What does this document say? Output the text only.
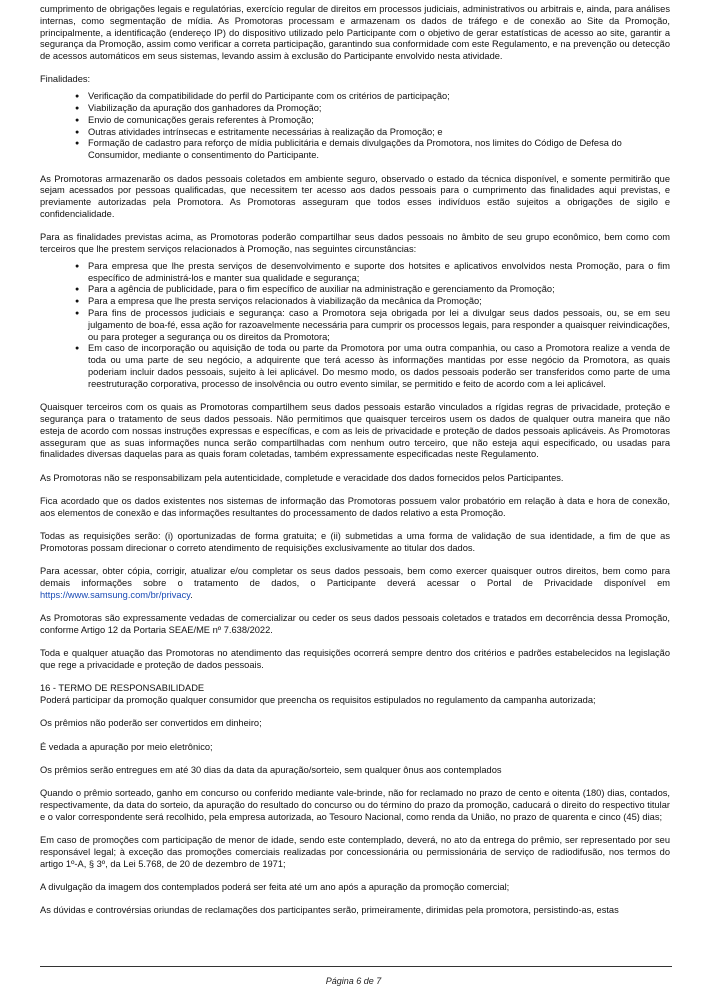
cumprimento de obrigações legais e regulatórias, exercício regular de direitos em processos judiciais, administrativos ou arbitrais e, ainda, para análises internas, como segmentação de mídia. As Promotoras processam e armazenam os dados de tráfego e de conexão ao Site da Promoção, principalmente, a identificação (endereço IP) do dispositivo utilizado pelo Participante com o objetivo de gerar estatísticas de acesso ao site, garantir a segurança da Promoção, assim como verificar a correta participação, garantindo sua conformidade com este Regulamento, e na prevenção ou detecção de acessos automáticos em seus sistemas, levando assim à exclusão do Participante envolvido nesta atividade.

Finalidades:

● Verificação da compatibilidade do perfil do Participante com os critérios de participação;
● Viabilização da apuração dos ganhadores da Promoção;
● Envio de comunicações gerais referentes à Promoção;
● Outras atividades intrínsecas e estritamente necessárias à realização da Promoção; e
● Formação de cadastro para reforço de mídia publicitária e demais divulgações da Promotora, nos limites do Código de Defesa do Consumidor, mediante o consentimento do Participante.

As Promotoras armazenarão os dados pessoais coletados em ambiente seguro, observado o estado da técnica disponível, e somente permitirão que sejam acessados por pessoas qualificadas, que necessitem ter acesso aos dados pessoais para o cumprimento das finalidades aqui previstas, e previamente autorizadas pela Promotora. As Promotoras asseguram que todos esses indivíduos estão sujeitos a obrigações de sigilo e confidencialidade.

Para as finalidades previstas acima, as Promotoras poderão compartilhar seus dados pessoais no âmbito de seu grupo econômico, bem como com terceiros que lhe prestem serviços relacionados à Promoção, nas seguintes circunstâncias:

● Para empresa que lhe presta serviços de desenvolvimento e suporte dos hotsites e aplicativos envolvidos nesta Promoção, para o fim específico de administrá-los e manter sua qualidade e segurança;
● Para a agência de publicidade, para o fim específico de auxiliar na administração e gerenciamento da Promoção;
● Para a empresa que lhe presta serviços relacionados à viabilização da mecânica da Promoção;
● Para fins de processos judiciais e segurança: caso a Promotora seja obrigada por lei a divulgar seus dados pessoais, ou, se em seu julgamento de boa-fé, essa ação for razoavelmente necessária para cumprir os processos legais, para responder a quaisquer reivindicações, ou para proteger a segurança ou os direitos da Promotora;
● Em caso de incorporação ou aquisição de toda ou parte da Promotora por uma outra companhia, ou caso a Promotora realize a venda de toda ou uma parte de seu negócio, a adquirente que terá acesso às informações mantidas por esse negócio da Promotora, as quais poderiam incluir dados pessoais, sujeito à lei aplicável. Do mesmo modo, os dados pessoais poderão ser transferidos como parte de uma reestruturação corporativa, processo de insolvência ou outro evento similar, se permitido e feito de acordo com a lei aplicável.

Quaisquer terceiros com os quais as Promotoras compartilhem seus dados pessoais estarão vinculados a rígidas regras de privacidade, proteção e segurança para o tratamento de seus dados pessoais. Não permitimos que quaisquer terceiros usem os dados de qualquer outra maneira que não esteja de acordo com nossas instruções expressas e específicas, e com as leis de privacidade e proteção de dados pessoais aplicáveis. As Promotoras asseguram que as suas informações nunca serão compartilhadas com nenhum outro terceiro, que não esteja aqui especificado, ou usadas para finalidades diversas daquelas para as quais foram coletadas, também expressamente especificadas neste Regulamento.

As Promotoras não se responsabilizam pela autenticidade, completude e veracidade dos dados fornecidos pelos Participantes.

Fica acordado que os dados existentes nos sistemas de informação das Promotoras possuem valor probatório em relação à data e hora de conexão, aos elementos de conexão e das informações resultantes do processamento de dados relativo a esta Promoção.

Todas as requisições serão: (i) oportunizadas de forma gratuita; e (ii) submetidas a uma forma de validação de sua identidade, a fim de que as Promotoras possam direcionar o correto atendimento de requisições exclusivamente ao titular dos dados.

Para acessar, obter cópia, corrigir, atualizar e/ou completar os seus dados pessoais, bem como exercer quaisquer outros direitos, bem como para demais informações sobre o tratamento de dados, o Participante deverá acessar o Portal de Privacidade disponível em https://www.samsung.com/br/privacy.

As Promotoras são expressamente vedadas de comercializar ou ceder os seus dados pessoais coletados e tratados em decorrência dessa Promoção, conforme Artigo 12 da Portaria SEAE/ME nº 7.638/2022.

Toda e qualquer atuação das Promotoras no atendimento das requisições ocorrerá sempre dentro dos critérios e padrões estabelecidos na legislação que rege a privacidade e proteção de dados pessoais.

16 - TERMO DE RESPONSABILIDADE

Poderá participar da promoção qualquer consumidor que preencha os requisitos estipulados no regulamento da campanha autorizada;

Os prêmios não poderão ser convertidos em dinheiro;

É vedada a apuração por meio eletrônico;

Os prêmios serão entregues em até 30 dias da data da apuração/sorteio, sem qualquer ônus aos contemplados

Quando o prêmio sorteado, ganho em concurso ou conferido mediante vale-brinde, não for reclamado no prazo de cento e oitenta (180) dias, contados, respectivamente, da data do sorteio, da apuração do resultado do concurso ou do término do prazo da promoção, caducará o direito do respectivo titular e o valor correspondente será recolhido, pela empresa autorizada, ao Tesouro Nacional, como renda da União, no prazo de quarenta e cinco (45) dias;

Em caso de promoções com participação de menor de idade, sendo este contemplado, deverá, no ato da entrega do prêmio, ser representado por seu responsável legal; à exceção das promoções comerciais realizadas por concessionária ou permissionária de serviço de radiodifusão, nos termos do artigo 1º-A, § 3º, da Lei 5.768, de 20 de dezembro de 1971;

A divulgação da imagem dos contemplados poderá ser feita até um ano após a apuração da promoção comercial;

As dúvidas e controvérsias oriundas de reclamações dos participantes serão, primeiramente, dirimidas pela promotora, persistindo-as, estas

Página 6 de 7
